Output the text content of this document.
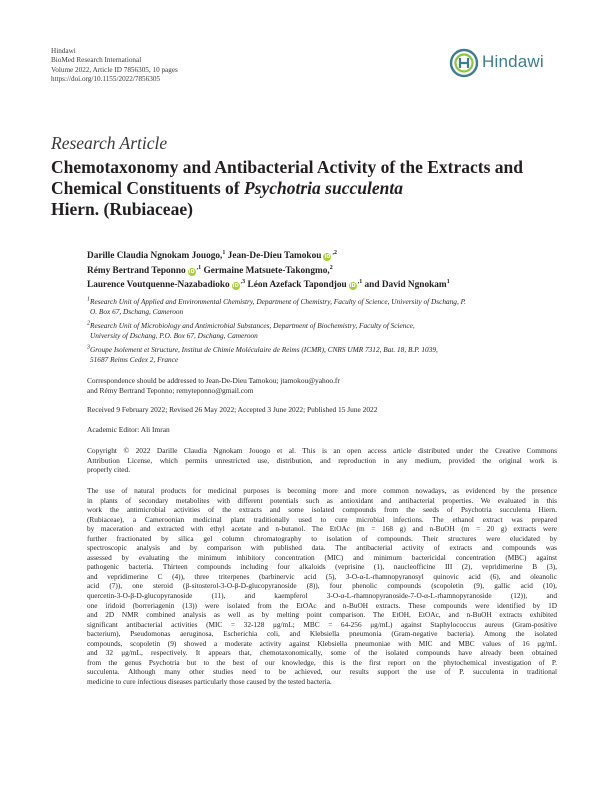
Hindawi
BioMed Research International
Volume 2022, Article ID 7856305, 10 pages
https://doi.org/10.1155/2022/7856305
Hindawi
Research Article
Chemotaxonomy and Antibacterial Activity of the Extracts and
Chemical Constituents of Psychotria succulenta
Hiern. (Rubiaceae)
Darille Claudia Ngnokam Jouogo,$^1$ Jean-De-Dieu Tamokou $iD^{,2}$
Rémy Bertrand Teponno $iD^{,1}$ Germaine Matsuete-Takongmo,$^2$
Laurence Voutquenne-Nazabadioko $iD^{,3}$ Léon Azefack Tapondjou $iD^{,1}$ and David Ngnokam$^1$
$^1$Research Unit of Applied and Environmental Chemistry, Department of Chemistry, Faculty of Science, University of Dschang, P.
O. Box 67, Dschang, Cameroon
$^2$Research Unit of Microbiology and Antimicrobial Substances, Department of Biochemistry, Faculty of Science,
University of Dschang, P.O. Box 67, Dschang, Cameroon
$^3$Groupe Isolement et Structure, Institut de Chimie Moléculaire de Reims (ICMR), CNRS UMR 7312, Bat. 18, B.P. 1039,
51687 Reims Cedex 2, France
Correspondence should be addressed to Jean-De-Dieu Tamokou; jtamokou@yahoo.fr
and Rémy Bertrand Teponno; remyteponno@gmail.com
Received 9 February 2022; Revised 26 May 2022; Accepted 3 June 2022; Published 15 June 2022
Academic Editor: Ali Imran
Copyright © 2022 Darille Claudia Ngnokam Jouogo et al. This is an open access article distributed under the Creative Commons
Attribution License, which permits unrestricted use, distribution, and reproduction in any medium, provided the original work is
properly cited.
The use of natural products for medicinal purposes is becoming more and more common nowadays, as evidenced by the presence
in plants of secondary metabolites with different potentials such as antioxidant and antibacterial properties. We evaluated in this
work the antimicrobial activities of the extracts and some isolated compounds from the seeds of Psychotria succulenta Hiern.
(Rubiaceae), a Cameroonian medicinal plant traditionally used to cure microbial infections. The ethanol extract was prepared
by maceration and extracted with ethyl acetate and n-butanol. The EtOAc (m = 168 g) and n-BuOH (m = 20 g) extracts were
further fractionated by silica gel column chromatography to isolation of compounds. Their structures were elucidated by
spectroscopic analysis and by comparison with published data. The antibacterial activity of extracts and compounds was
assessed by evaluating the minimum inhibitory concentration (MIC) and minimum bactericidal concentration (MBC) against
pathogenic bacteria. Thirteen compounds including four alkaloids (veprisine (1), naucleofficine III (2), vepridimerine B (3),
and vepridimerine C (4)), three triterpenes (barbinervic acid (5), 3-O-α-L-rhamnopyranosyl quinovic acid (6), and oleanolic
acid (7)), one steroid (β-sitosterol-3-O-β-D-glucopyranoside (8)), four phenolic compounds (scopoletin (9), gallic acid (10),
quercetin-3-O-β-D-glucopyranoside (11), and kaempferol 3-O-α-L-rhamnopyranoside-7-O-α-L-rhamnopyranoside (12)), and
one iridoid (borreriagenin (13)) were isolated from the EtOAc and n-BuOH extracts. These compounds were identified by 1D
and 2D NMR combined analysis as well as by melting point comparison. The EtOH, EtOAc, and n-BuOH extracts exhibited
significant antibacterial activities (MIC = 32-128 μg/mL; MBC = 64-256 μg/mL) against Staphylococcus aureus (Gram-positive
bacterium), Pseudomonas aeruginosa, Escherichia coli, and Klebsiella pneumonia (Gram-negative bacteria). Among the isolated
compounds, scopoletin (9) showed a moderate activity against Klebsiella pneumoniae with MIC and MBC values of 16 μg/mL
and 32 μg/mL, respectively. It appears that, chemotaxonomically, some of the isolated compounds have already been obtained
from the genus Psychotria but to the best of our knowledge, this is the first report on the phytochemical investigation of P.
succulenta. Although many other studies need to be achieved, our results support the use of P. succulenta in traditional
medicine to cure infectious diseases particularly those caused by the tested bacteria.
